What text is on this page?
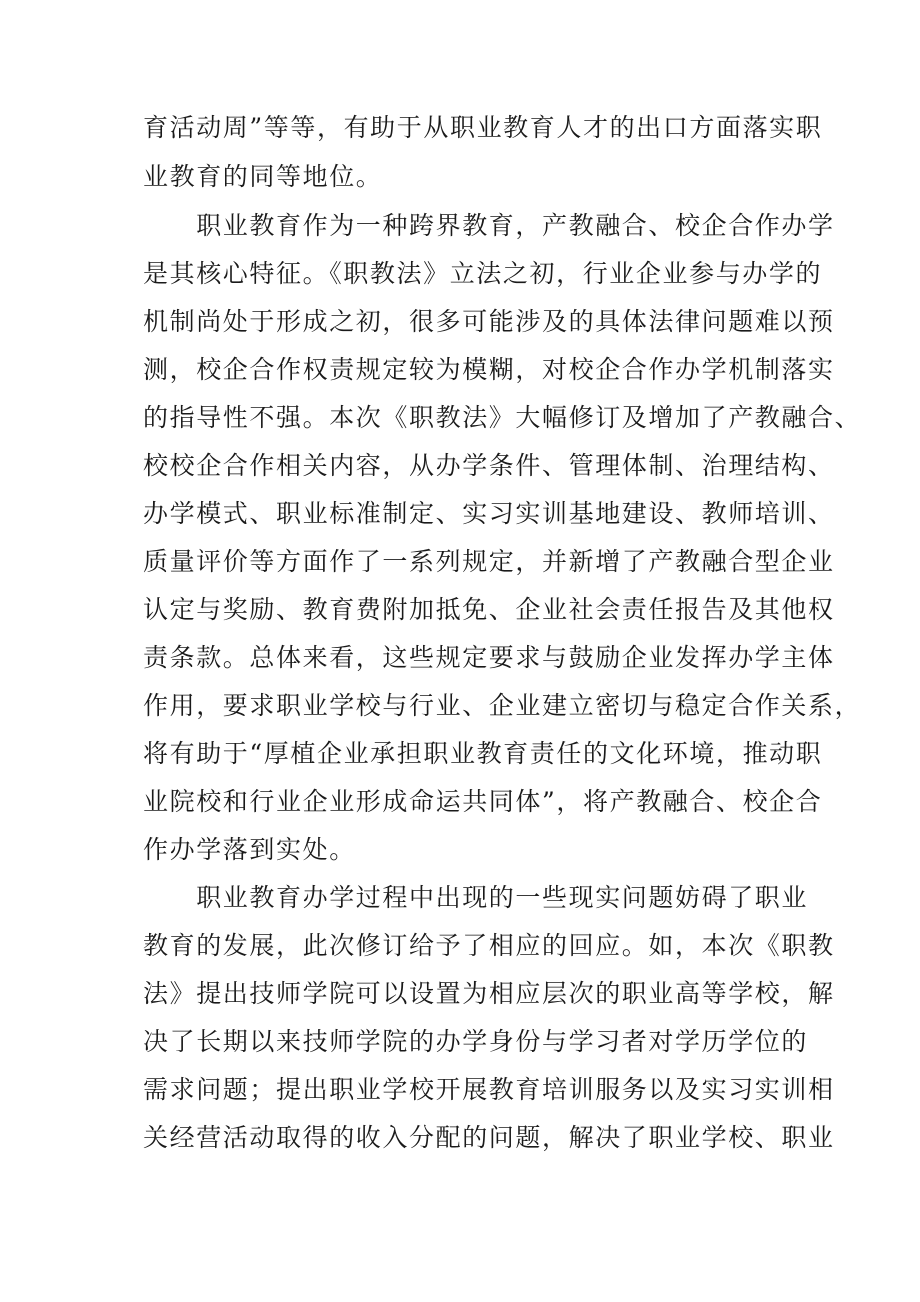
育活动周”等等，有助于从职业教育人才的出口方面落实职
业教育的同等地位。
　　职业教育作为一种跨界教育，产教融合、校企合作办学
是其核心特征。《职教法》立法之初，行业企业参与办学的
机制尚处于形成之初，很多可能涉及的具体法律问题难以预
测，校企合作权责规定较为模糊，对校企合作办学机制落实
的指导性不强。本次《职教法》大幅修订及增加了产教融合、
校校企合作相关内容，从办学条件、管理体制、治理结构、
办学模式、职业标准制定、实习实训基地建设、教师培训、
质量评价等方面作了一系列规定，并新增了产教融合型企业
认定与奖励、教育费附加抵免、企业社会责任报告及其他权
责条款。总体来看，这些规定要求与鼓励企业发挥办学主体
作用，要求职业学校与行业、企业建立密切与稳定合作关系，
将有助于“厚植企业承担职业教育责任的文化环境，推动职
业院校和行业企业形成命运共同体”，将产教融合、校企合
作办学落到实处。
　　职业教育办学过程中出现的一些现实问题妨碍了职业
教育的发展，此次修订给予了相应的回应。如，本次《职教
法》提出技师学院可以设置为相应层次的职业高等学校，解
决了长期以来技师学院的办学身份与学习者对学历学位的
需求问题；提出职业学校开展教育培训服务以及实习实训相
关经营活动取得的收入分配的问题，解决了职业学校、职业
